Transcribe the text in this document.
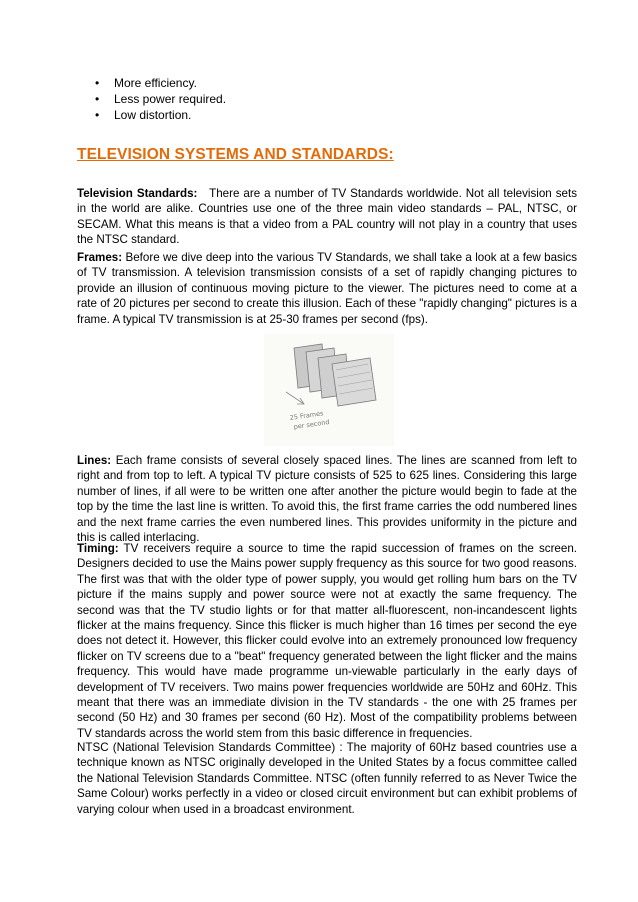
• More efficiency.
• Less power required.
• Low distortion.
TELEVISION SYSTEMS AND STANDARDS:

Television Standards:   There are a number of TV Standards worldwide. Not all television sets in the world are alike. Countries use one of the three main video standards – PAL, NTSC, or SECAM. What this means is that a video from a PAL country will not play in a country that uses the NTSC standard.

Frames: Before we dive deep into the various TV Standards, we shall take a look at a few basics of TV transmission. A television transmission consists of a set of rapidly changing pictures to provide an illusion of continuous moving picture to the viewer. The pictures need to come at a rate of 20 pictures per second to create this illusion. Each of these "rapidly changing" pictures is a frame. A typical TV transmission is at 25-30 frames per second (fps).

25 Frames
per second

Lines: Each frame consists of several closely spaced lines. The lines are scanned from left to right and from top to left. A typical TV picture consists of 525 to 625 lines. Considering this large number of lines, if all were to be written one after another the picture would begin to fade at the top by the time the last line is written. To avoid this, the first frame carries the odd numbered lines and the next frame carries the even numbered lines. This provides uniformity in the picture and this is called interlacing.

Timing: TV receivers require a source to time the rapid succession of frames on the screen. Designers decided to use the Mains power supply frequency as this source for two good reasons. The first was that with the older type of power supply, you would get rolling hum bars on the TV picture if the mains supply and power source were not at exactly the same frequency. The second was that the TV studio lights or for that matter all-fluorescent, non-incandescent lights flicker at the mains frequency. Since this flicker is much higher than 16 times per second the eye does not detect it. However, this flicker could evolve into an extremely pronounced low frequency flicker on TV screens due to a "beat" frequency generated between the light flicker and the mains frequency. This would have made programme un-viewable particularly in the early days of development of TV receivers. Two mains power frequencies worldwide are 50Hz and 60Hz. This meant that there was an immediate division in the TV standards - the one with 25 frames per second (50 Hz) and 30 frames per second (60 Hz). Most of the compatibility problems between TV standards across the world stem from this basic difference in frequencies.

NTSC (National Television Standards Committee) : The majority of 60Hz based countries use a technique known as NTSC originally developed in the United States by a focus committee called the National Television Standards Committee. NTSC (often funnily referred to as Never Twice the Same Colour) works perfectly in a video or closed circuit environment but can exhibit problems of varying colour when used in a broadcast environment.
